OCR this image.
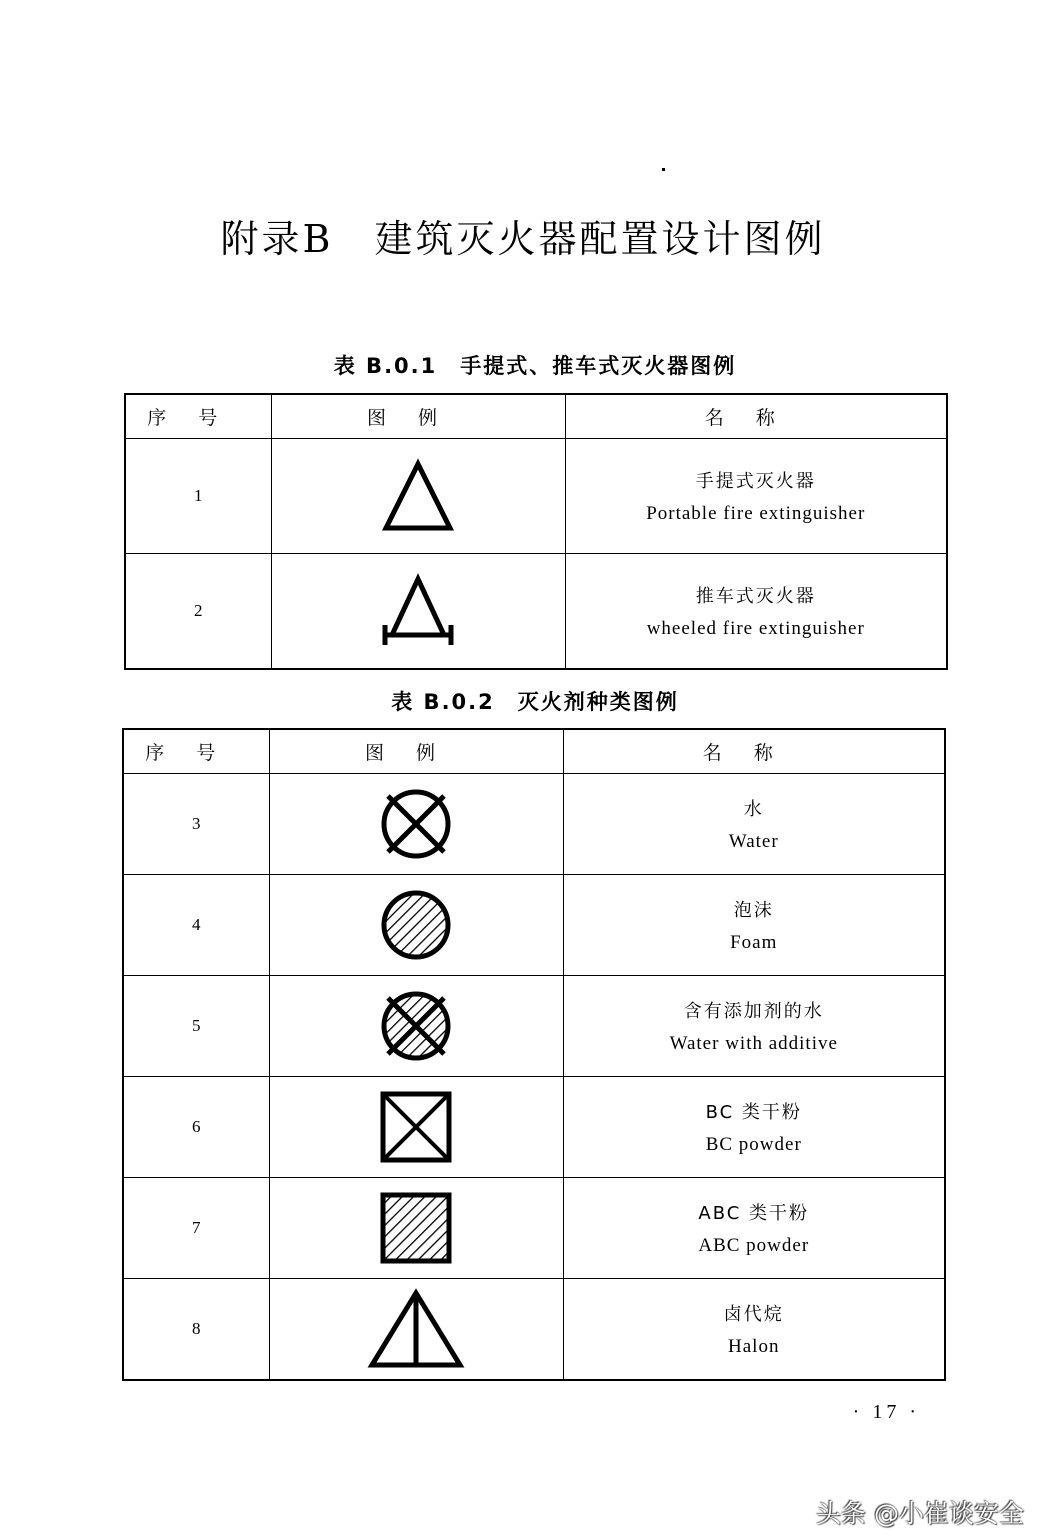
附录B　建筑灭火器配置设计图例
表 B.0.1　手提式、推车式灭火器图例
序号	图例	名称
1		手提式灭火器
Portable fire extinguisher

2		推车式灭火器
wheeled fire extinguisher
表 B.0.2　灭火剂种类图例
序号	图例	名称
3		水
Water

4		泡沫
Foam

5		含有添加剂的水
Water with additive

6		BC 类干粉
BC powder

7		ABC 类干粉
ABC powder

8		卤代烷
Halon
· 17 ·
头条 @小崔谈安全
